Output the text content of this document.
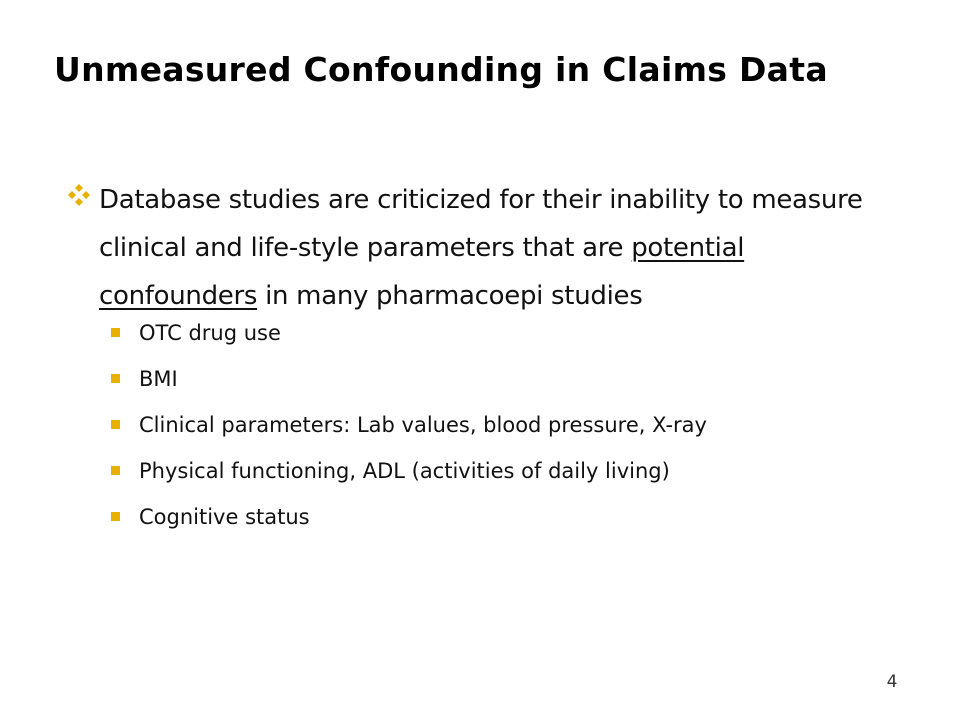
Unmeasured Confounding in Claims Data
Database studies are criticized for their inability to measure clinical and life-style parameters that are potential confounders in many pharmacoepi studies
OTC drug use
BMI
Clinical parameters: Lab values, blood pressure, X-ray
Physical functioning, ADL (activities of daily living)
Cognitive status
4
